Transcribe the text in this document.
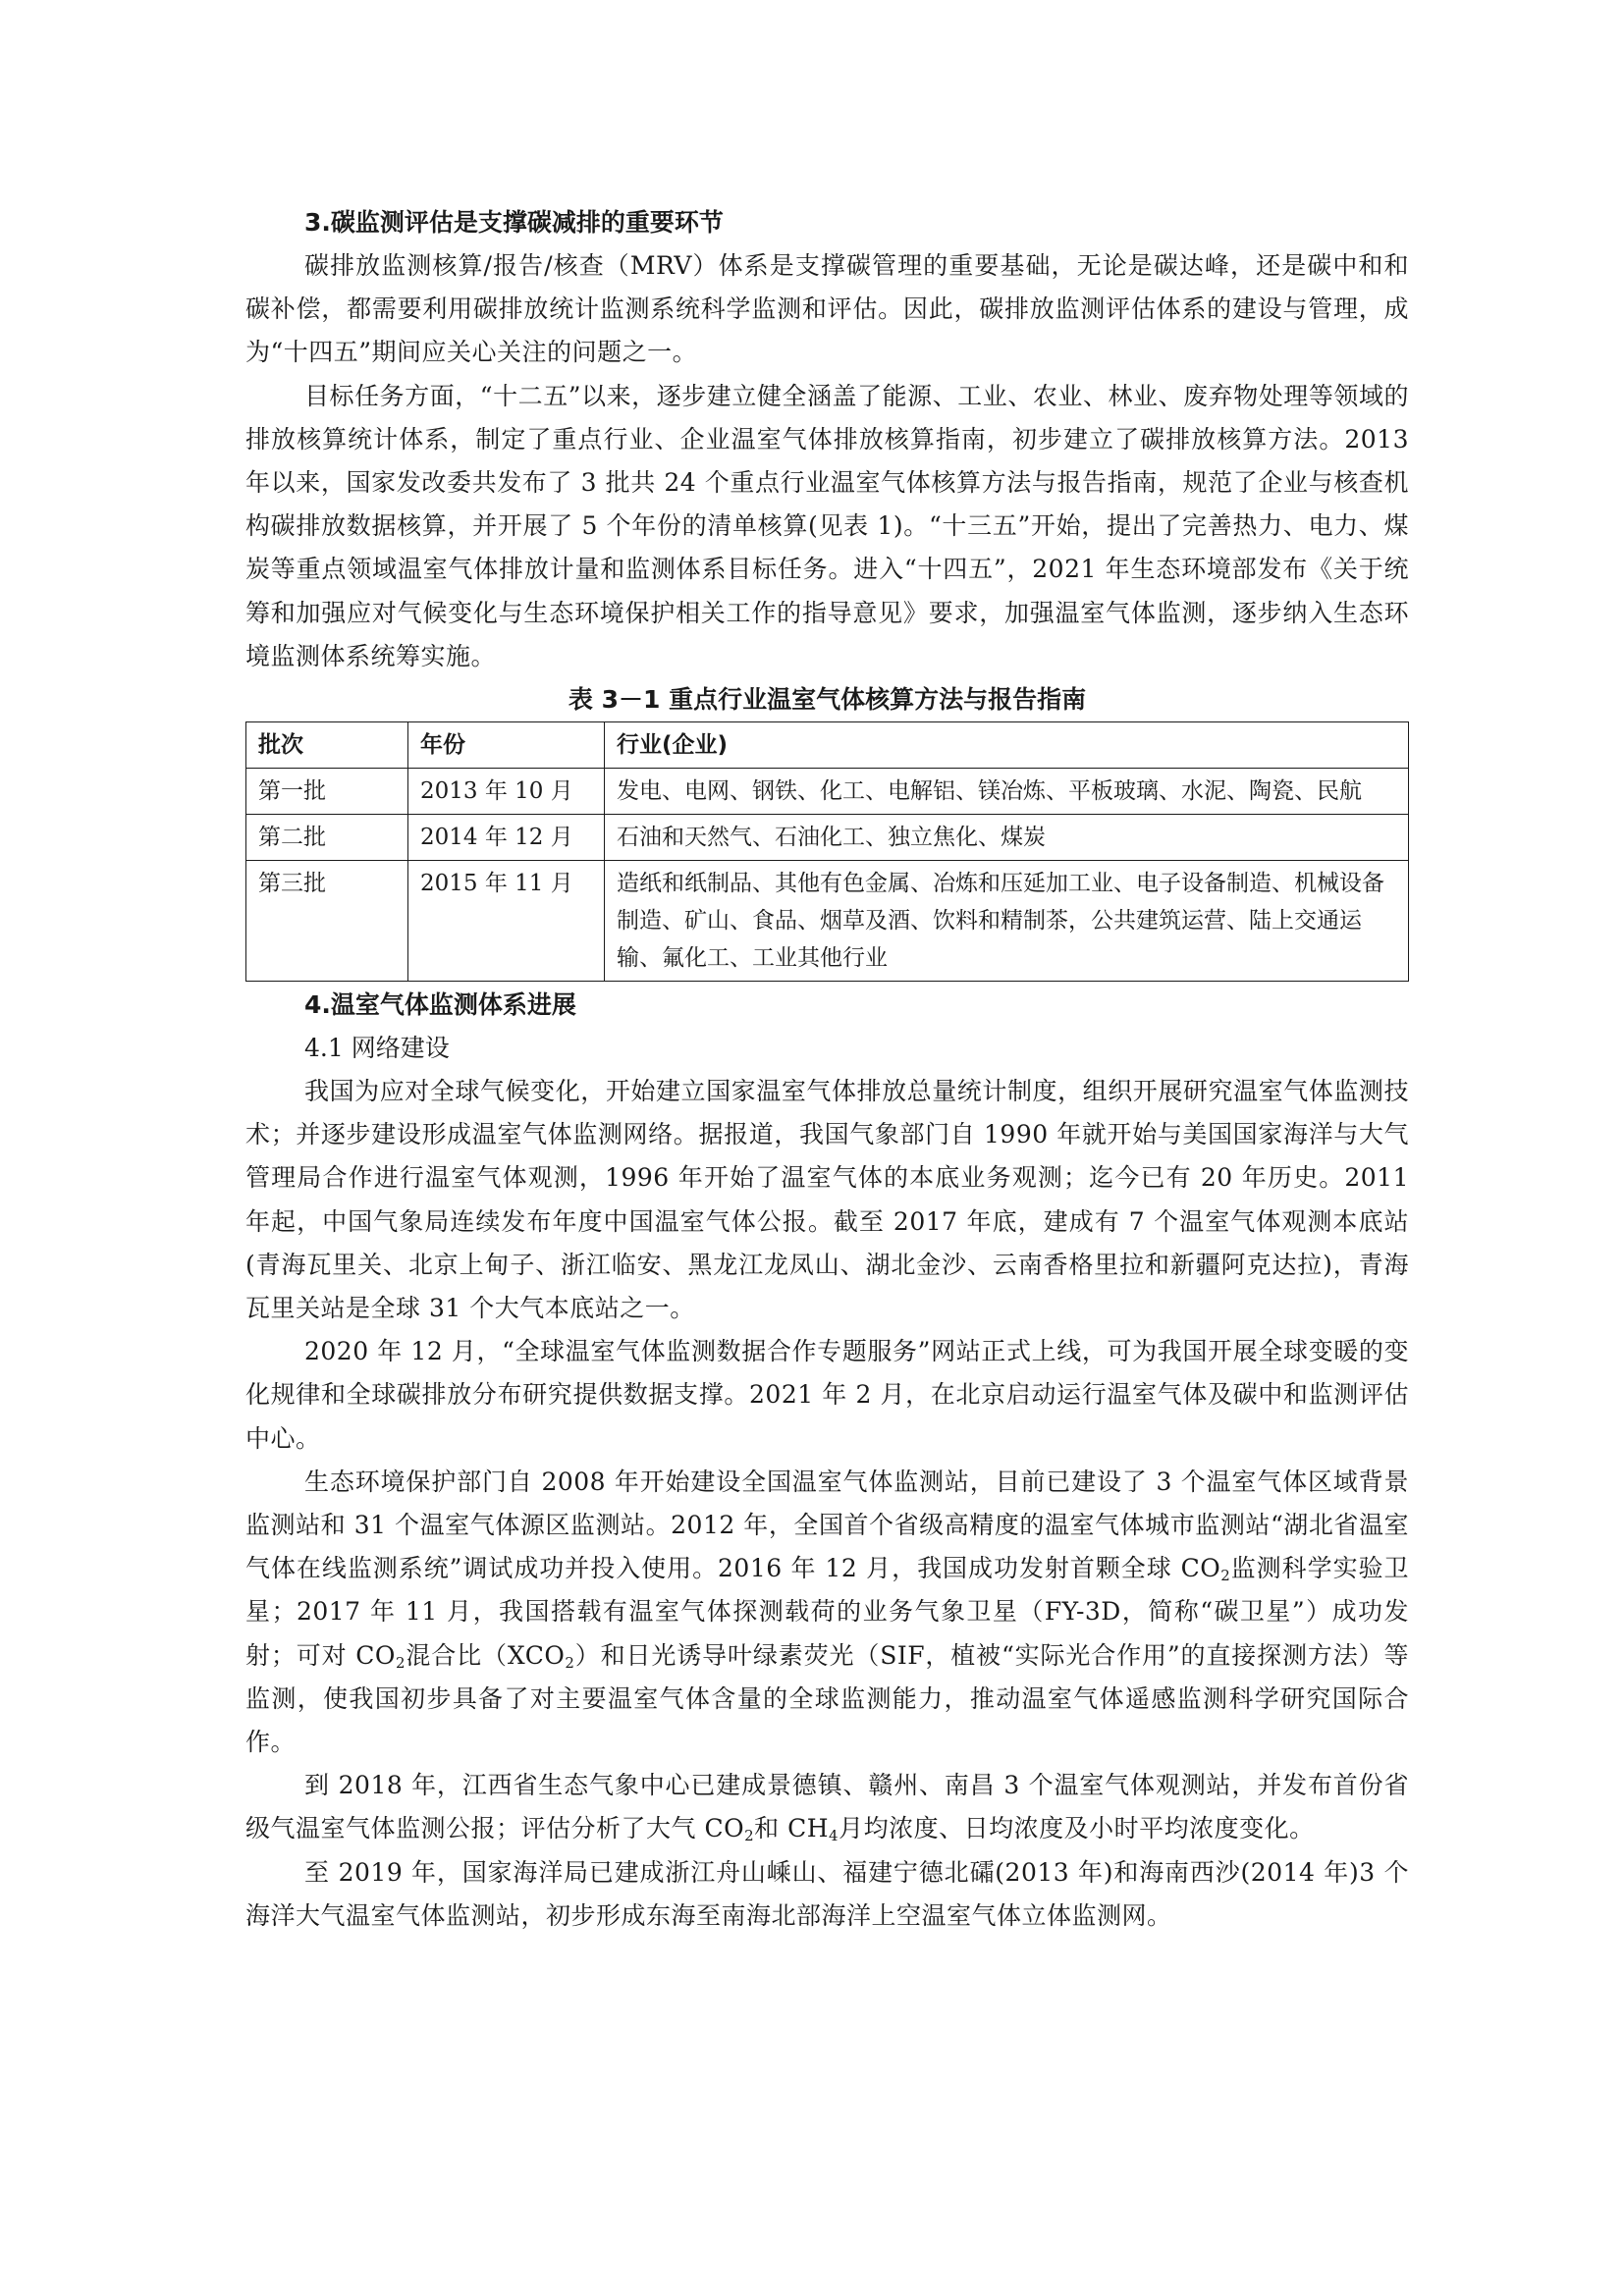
3.碳监测评估是支撑碳减排的重要环节

碳排放监测核算/报告/核查（MRV）体系是支撑碳管理的重要基础，无论是碳达峰，还是碳中和和碳补偿，都需要利用碳排放统计监测系统科学监测和评估。因此，碳排放监测评估体系的建设与管理，成为“十四五”期间应关心关注的问题之一。

目标任务方面，“十二五”以来，逐步建立健全涵盖了能源、工业、农业、林业、废弃物处理等领域的排放核算统计体系，制定了重点行业、企业温室气体排放核算指南，初步建立了碳排放核算方法。2013 年以来，国家发改委共发布了 3 批共 24 个重点行业温室气体核算方法与报告指南，规范了企业与核查机构碳排放数据核算，并开展了 5 个年份的清单核算(见表 1)。“十三五”开始，提出了完善热力、电力、煤炭等重点领域温室气体排放计量和监测体系目标任务。进入“十四五”，2021 年生态环境部发布《关于统筹和加强应对气候变化与生态环境保护相关工作的指导意见》要求，加强温室气体监测，逐步纳入生态环境监测体系统筹实施。

表 3－1 重点行业温室气体核算方法与报告指南
批次	年份	行业(企业)
第一批	2013 年 10 月	发电、电网、钢铁、化工、电解铝、镁冶炼、平板玻璃、水泥、陶瓷、民航
第二批	2014 年 12 月	石油和天然气、石油化工、独立焦化、煤炭
第三批	2015 年 11 月	造纸和纸制品、其他有色金属、冶炼和压延加工业、电子设备制造、机械设备制造、矿山、食品、烟草及酒、饮料和精制茶，公共建筑运营、陆上交通运输、氟化工、工业其他行业
4.温室气体监测体系进展
4.1 网络建设

我国为应对全球气候变化，开始建立国家温室气体排放总量统计制度，组织开展研究温室气体监测技术；并逐步建设形成温室气体监测网络。据报道，我国气象部门自 1990 年就开始与美国国家海洋与大气管理局合作进行温室气体观测，1996 年开始了温室气体的本底业务观测；迄今已有 20 年历史。2011 年起，中国气象局连续发布年度中国温室气体公报。截至 2017 年底，建成有 7 个温室气体观测本底站(青海瓦里关、北京上甸子、浙江临安、黑龙江龙凤山、湖北金沙、云南香格里拉和新疆阿克达拉)，青海瓦里关站是全球 31 个大气本底站之一。

2020 年 12 月，“全球温室气体监测数据合作专题服务”网站正式上线，可为我国开展全球变暖的变化规律和全球碳排放分布研究提供数据支撑。2021 年 2 月，在北京启动运行温室气体及碳中和监测评估中心。

生态环境保护部门自 2008 年开始建设全国温室气体监测站，目前已建设了 3 个温室气体区域背景监测站和 31 个温室气体源区监测站。2012 年，全国首个省级高精度的温室气体城市监测站“湖北省温室气体在线监测系统”调试成功并投入使用。2016 年 12 月，我国成功发射首颗全球 $CO_2$监测科学实验卫星；2017 年 11 月，我国搭载有温室气体探测载荷的业务气象卫星（FY-3D，简称“碳卫星”）成功发射；可对 $CO_2$混合比$(XCO_2)$和日光诱导叶绿素荧光（SIF，植被“实际光合作用”的直接探测方法）等监测，使我国初步具备了对主要温室气体含量的全球监测能力，推动温室气体遥感监测科学研究国际合作。

到 2018 年，江西省生态气象中心已建成景德镇、赣州、南昌 3 个温室气体观测站，并发布首份省级气温室气体监测公报；评估分析了大气 $CO_2$和 $CH_4$月均浓度、日均浓度及小时平均浓度变化。

至 2019 年，国家海洋局已建成浙江舟山嵊山、福建宁德北礵(2013 年)和海南西沙(2014 年)3 个海洋大气温室气体监测站，初步形成东海至南海北部海洋上空温室气体立体监测网。
